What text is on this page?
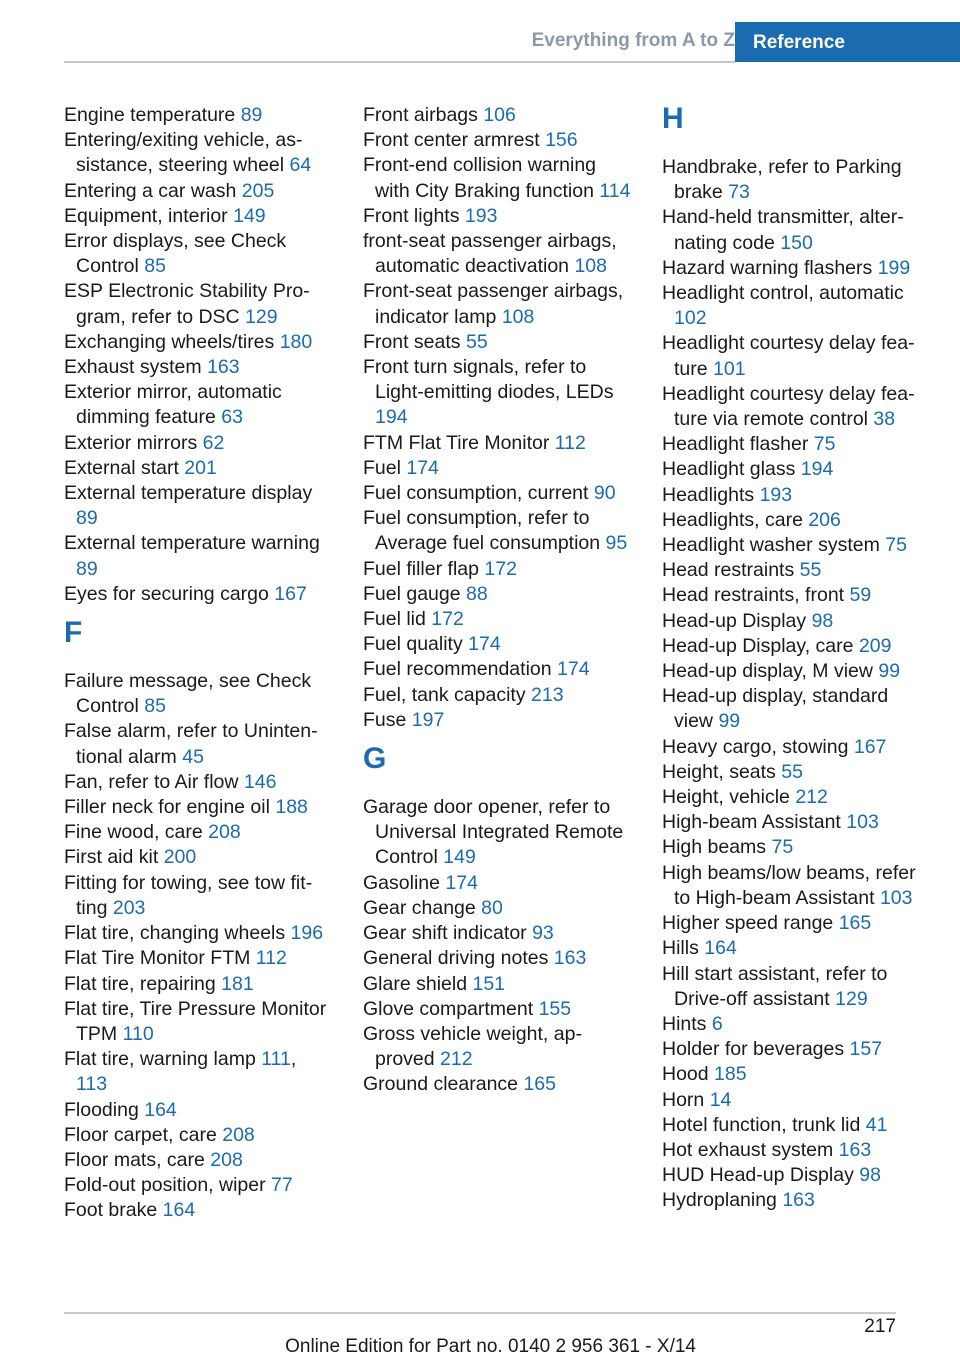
Everything from A to Z Reference
Engine temperature 89
Entering/exiting vehicle, assistance, steering wheel 64
Entering a car wash 205
Equipment, interior 149
Error displays, see Check Control 85
ESP Electronic Stability Program, refer to DSC 129
Exchanging wheels/tires 180
Exhaust system 163
Exterior mirror, automatic dimming feature 63
Exterior mirrors 62
External start 201
External temperature display 89
External temperature warning 89
Eyes for securing cargo 167
F
Failure message, see Check Control 85
False alarm, refer to Unintentional alarm 45
Fan, refer to Air flow 146
Filler neck for engine oil 188
Fine wood, care 208
First aid kit 200
Fitting for towing, see tow fitting 203
Flat tire, changing wheels 196
Flat Tire Monitor FTM 112
Flat tire, repairing 181
Flat tire, Tire Pressure Monitor TPM 110
Flat tire, warning lamp 111, 113
Flooding 164
Floor carpet, care 208
Floor mats, care 208
Fold-out position, wiper 77
Foot brake 164
Front airbags 106
Front center armrest 156
Front-end collision warning with City Braking function 114
Front lights 193
front-seat passenger airbags, automatic deactivation 108
Front-seat passenger airbags, indicator lamp 108
Front seats 55
Front turn signals, refer to Light-emitting diodes, LEDs 194
FTM Flat Tire Monitor 112
Fuel 174
Fuel consumption, current 90
Fuel consumption, refer to Average fuel consumption 95
Fuel filler flap 172
Fuel gauge 88
Fuel lid 172
Fuel quality 174
Fuel recommendation 174
Fuel, tank capacity 213
Fuse 197
G
Garage door opener, refer to Universal Integrated Remote Control 149
Gasoline 174
Gear change 80
Gear shift indicator 93
General driving notes 163
Glare shield 151
Glove compartment 155
Gross vehicle weight, approved 212
Ground clearance 165
H
Handbrake, refer to Parking brake 73
Hand-held transmitter, alternating code 150
Hazard warning flashers 199
Headlight control, automatic 102
Headlight courtesy delay feature 101
Headlight courtesy delay feature via remote control 38
Headlight flasher 75
Headlight glass 194
Headlights 193
Headlights, care 206
Headlight washer system 75
Head restraints 55
Head restraints, front 59
Head-up Display 98
Head-up Display, care 209
Head-up display, M view 99
Head-up display, standard view 99
Heavy cargo, stowing 167
Height, seats 55
Height, vehicle 212
High-beam Assistant 103
High beams 75
High beams/low beams, refer to High-beam Assistant 103
Higher speed range 165
Hills 164
Hill start assistant, refer to Drive-off assistant 129
Hints 6
Holder for beverages 157
Hood 185
Horn 14
Hotel function, trunk lid 41
Hot exhaust system 163
HUD Head-up Display 98
Hydroplaning 163
217
Online Edition for Part no. 0140 2 956 361 - X/14
